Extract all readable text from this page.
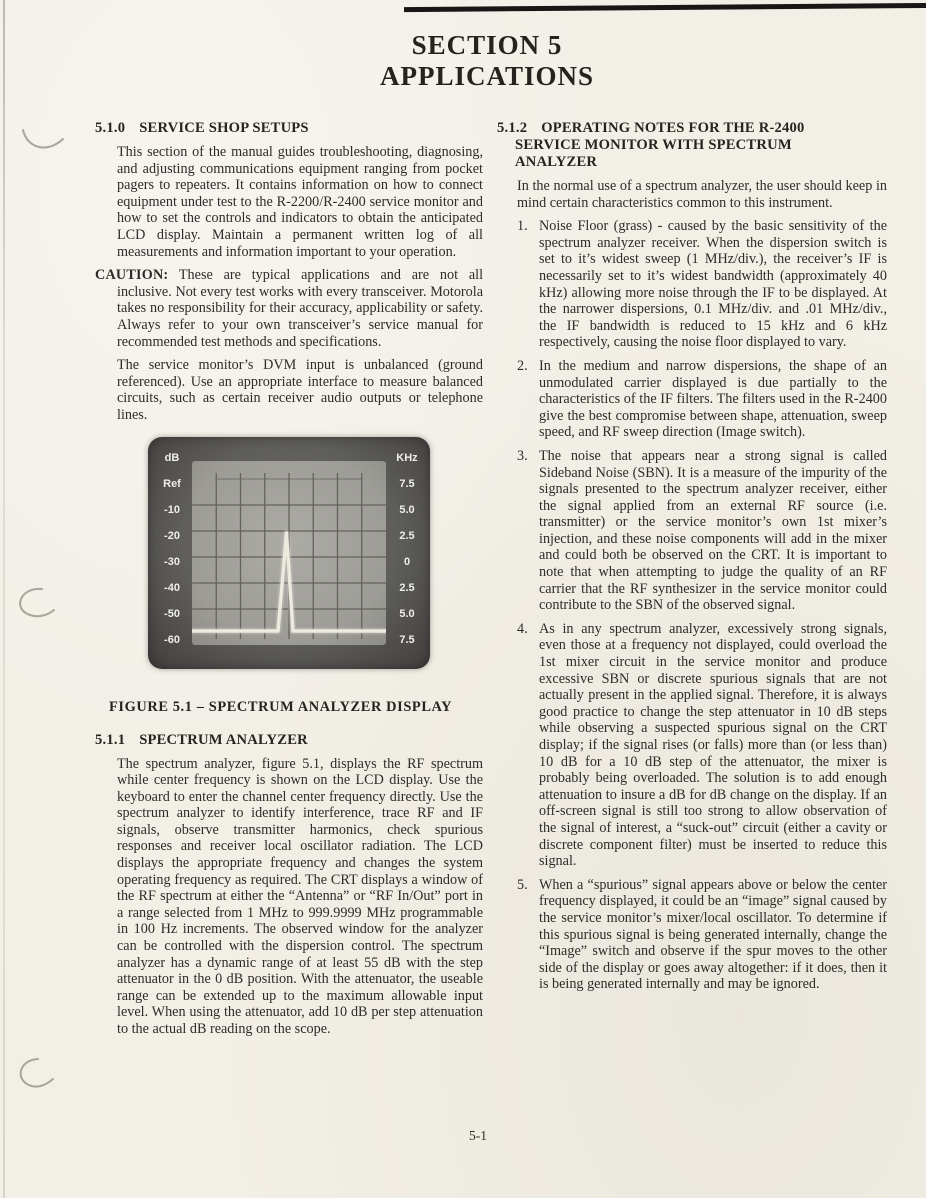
SECTION 5
APPLICATIONS
5.1.0 SERVICE SHOP SETUPS

This section of the manual guides troubleshooting, diagnosing, and adjusting communications equipment ranging from pocket pagers to repeaters. It contains information on how to connect equipment under test to the R-2200/R-2400 service monitor and how to set the controls and indicators to obtain the anticipated LCD display. Maintain a permanent written log of all measurements and information important to your operation.

CAUTION: These are typical applications and are not all inclusive. Not every test works with every transceiver. Motorola takes no responsibility for their accuracy, applicability or safety. Always refer to your own transceiver’s service manual for recommended test methods and specifications.

The service monitor’s DVM input is unbalanced (ground referenced). Use an appropriate interface to measure balanced circuits, such as certain receiver audio outputs or telephone lines.

dB
Ref
-10
-20
-30
-40
-50
-60
KHz
7.5
5.0
2.5
0
2.5
5.0
7.5
FIGURE 5.1 – SPECTRUM ANALYZER DISPLAY
5.1.1 SPECTRUM ANALYZER

The spectrum analyzer, figure 5.1, displays the RF spectrum while center frequency is shown on the LCD display. Use the keyboard to enter the channel center frequency directly. Use the spectrum analyzer to identify interference, trace RF and IF signals, observe transmitter harmonics, check spurious responses and receiver local oscillator radiation. The LCD displays the appropriate frequency and changes the system operating frequency as required. The CRT displays a window of the RF spectrum at either the “Antenna” or “RF In/Out” port in a range selected from 1 MHz to 999.9999 MHz programmable in 100 Hz increments. The observed window for the analyzer can be controlled with the dispersion control. The spectrum analyzer has a dynamic range of at least 55 dB with the step attenuator in the 0 dB position. With the attenuator, the useable range can be extended up to the maximum allowable input level. When using the attenuator, add 10 dB per step attenuation to the actual dB reading on the scope.

5.1.2 OPERATING NOTES FOR THE R-2400
SERVICE MONITOR WITH SPECTRUM ANALYZER

In the normal use of a spectrum analyzer, the user should keep in mind certain characteristics common to this instrument.

1. Noise Floor (grass) - caused by the basic sensitivity of the spectrum analyzer receiver. When the dispersion switch is set to it’s widest sweep (1 MHz/div.), the receiver’s IF is necessarily set to it’s widest bandwidth (approximately 40 kHz) allowing more noise through the IF to be displayed. At the narrower dispersions, 0.1 MHz/div. and .01 MHz/div., the IF bandwidth is reduced to 15 kHz and 6 kHz respectively, causing the noise floor displayed to vary.
2. In the medium and narrow dispersions, the shape of an unmodulated carrier displayed is due partially to the characteristics of the IF filters. The filters used in the R-2400 give the best compromise between shape, attenuation, sweep speed, and RF sweep direction (Image switch).
3. The noise that appears near a strong signal is called Sideband Noise (SBN). It is a measure of the impurity of the signals presented to the spectrum analyzer receiver, either the signal applied from an external RF source (i.e. transmitter) or the service monitor’s own 1st mixer’s injection, and these noise components will add in the mixer and could both be observed on the CRT. It is important to note that when attempting to judge the quality of an RF carrier that the RF synthesizer in the service monitor could contribute to the SBN of the observed signal.
4. As in any spectrum analyzer, excessively strong signals, even those at a frequency not displayed, could overload the 1st mixer circuit in the service monitor and produce excessive SBN or discrete spurious signals that are not actually present in the applied signal. Therefore, it is always good practice to change the step attenuator in 10 dB steps while observing a suspected spurious signal on the CRT display; if the signal rises (or falls) more than (or less than) 10 dB for a 10 dB step of the attenuator, the mixer is probably being overloaded. The solution is to add enough attenuation to insure a dB for dB change on the display. If an off-screen signal is still too strong to allow observation of the signal of interest, a “suck-out” circuit (either a cavity or discrete component filter) must be inserted to reduce this signal.
5. When a “spurious” signal appears above or below the center frequency displayed, it could be an “image” signal caused by the service monitor’s mixer/local oscillator. To determine if this spurious signal is being generated internally, change the “Image” switch and observe if the spur moves to the other side of the display or goes away altogether: if it does, then it is being generated internally and may be ignored.
5-1
